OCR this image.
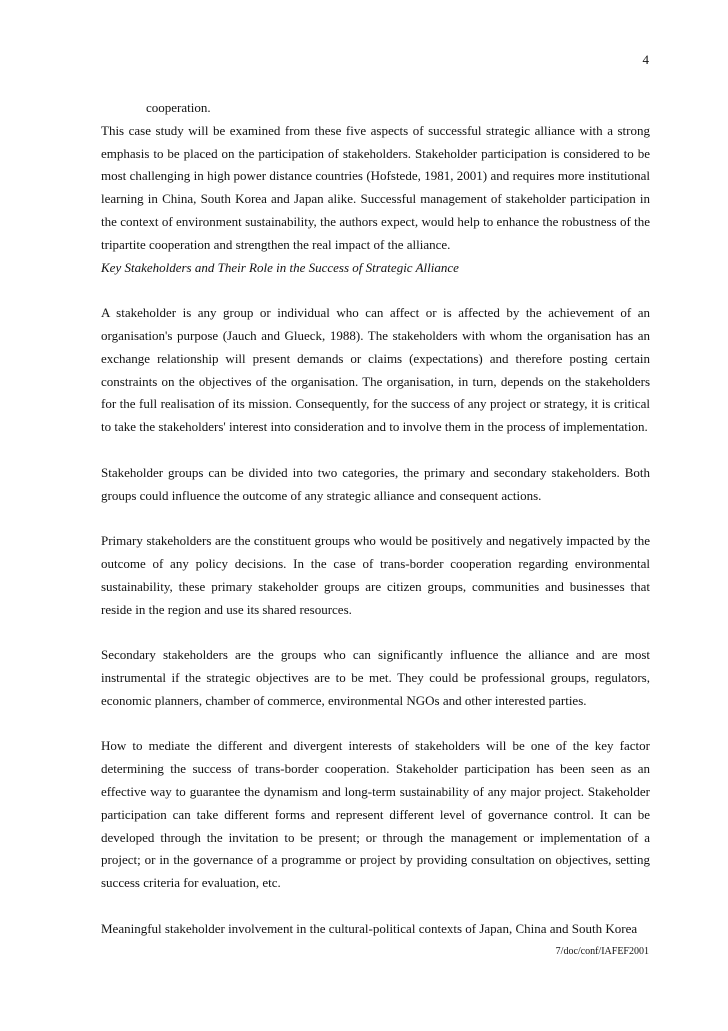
4

cooperation.

This case study will be examined from these five aspects of successful strategic alliance with a strong emphasis to be placed on the participation of stakeholders. Stakeholder participation is considered to be most challenging in high power distance countries (Hofstede, 1981, 2001) and requires more institutional learning in China, South Korea and Japan alike. Successful management of stakeholder participation in the context of environment sustainability, the authors expect, would help to enhance the robustness of the tripartite cooperation and strengthen the real impact of the alliance.

Key Stakeholders and Their Role in the Success of Strategic Alliance

A stakeholder is any group or individual who can affect or is affected by the achievement of an organisation's purpose (Jauch and Glueck, 1988). The stakeholders with whom the organisation has an exchange relationship will present demands or claims (expectations) and therefore posting certain constraints on the objectives of the organisation. The organisation, in turn, depends on the stakeholders for the full realisation of its mission. Consequently, for the success of any project or strategy, it is critical to take the stakeholders' interest into consideration and to involve them in the process of implementation.

Stakeholder groups can be divided into two categories, the primary and secondary stakeholders. Both groups could influence the outcome of any strategic alliance and consequent actions.

Primary stakeholders are the constituent groups who would be positively and negatively impacted by the outcome of any policy decisions. In the case of trans-border cooperation regarding environmental sustainability, these primary stakeholder groups are citizen groups, communities and businesses that reside in the region and use its shared resources.

Secondary stakeholders are the groups who can significantly influence the alliance and are most instrumental if the strategic objectives are to be met. They could be professional groups, regulators, economic planners, chamber of commerce, environmental NGOs and other interested parties.

How to mediate the different and divergent interests of stakeholders will be one of the key factor determining the success of trans-border cooperation. Stakeholder participation has been seen as an effective way to guarantee the dynamism and long-term sustainability of any major project. Stakeholder participation can take different forms and represent different level of governance control. It can be developed through the invitation to be present; or through the management or implementation of a project; or in the governance of a programme or project by providing consultation on objectives, setting success criteria for evaluation, etc.

Meaningful stakeholder involvement in the cultural-political contexts of Japan, China and South Korea

7/doc/conf/IAFEF2001
